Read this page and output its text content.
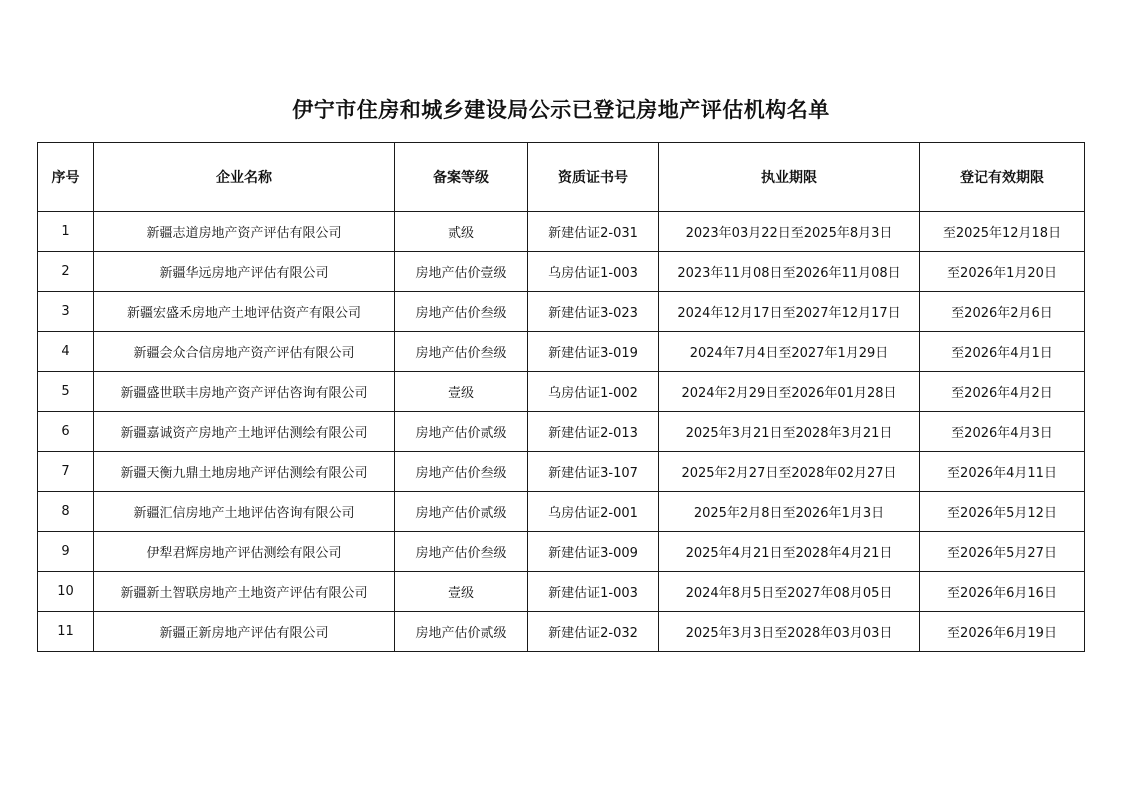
伊宁市住房和城乡建设局公示已登记房地产评估机构名单
序号	企业名称	备案等级	资质证书号	执业期限	登记有效期限
1	新疆志道房地产资产评估有限公司	贰级	新建估证2-031	2023年03月22日至2025年8月3日	至2025年12月18日
2	新疆华远房地产评估有限公司	房地产估价壹级	乌房估证1-003	2023年11月08日至2026年11月08日	至2026年1月20日
3	新疆宏盛禾房地产土地评估资产有限公司	房地产估价叁级	新建估证3-023	2024年12月17日至2027年12月17日	至2026年2月6日
4	新疆会众合信房地产资产评估有限公司	房地产估价叁级	新建估证3-019	2024年7月4日至2027年1月29日	至2026年4月1日
5	新疆盛世联丰房地产资产评估咨询有限公司	壹级	乌房估证1-002	2024年2月29日至2026年01月28日	至2026年4月2日
6	新疆嘉诚资产房地产土地评估测绘有限公司	房地产估价贰级	新建估证2-013	2025年3月21日至2028年3月21日	至2026年4月3日
7	新疆天衡九鼎土地房地产评估测绘有限公司	房地产估价叁级	新建估证3-107	2025年2月27日至2028年02月27日	至2026年4月11日
8	新疆汇信房地产土地评估咨询有限公司	房地产估价贰级	乌房估证2-001	2025年2月8日至2026年1月3日	至2026年5月12日
9	伊犁君辉房地产评估测绘有限公司	房地产估价叁级	新建估证3-009	2025年4月21日至2028年4月21日	至2026年5月27日
10	新疆新土智联房地产土地资产评估有限公司	壹级	新建估证1-003	2024年8月5日至2027年08月05日	至2026年6月16日
11	新疆正新房地产评估有限公司	房地产估价贰级	新建估证2-032	2025年3月3日至2028年03月03日	至2026年6月19日
